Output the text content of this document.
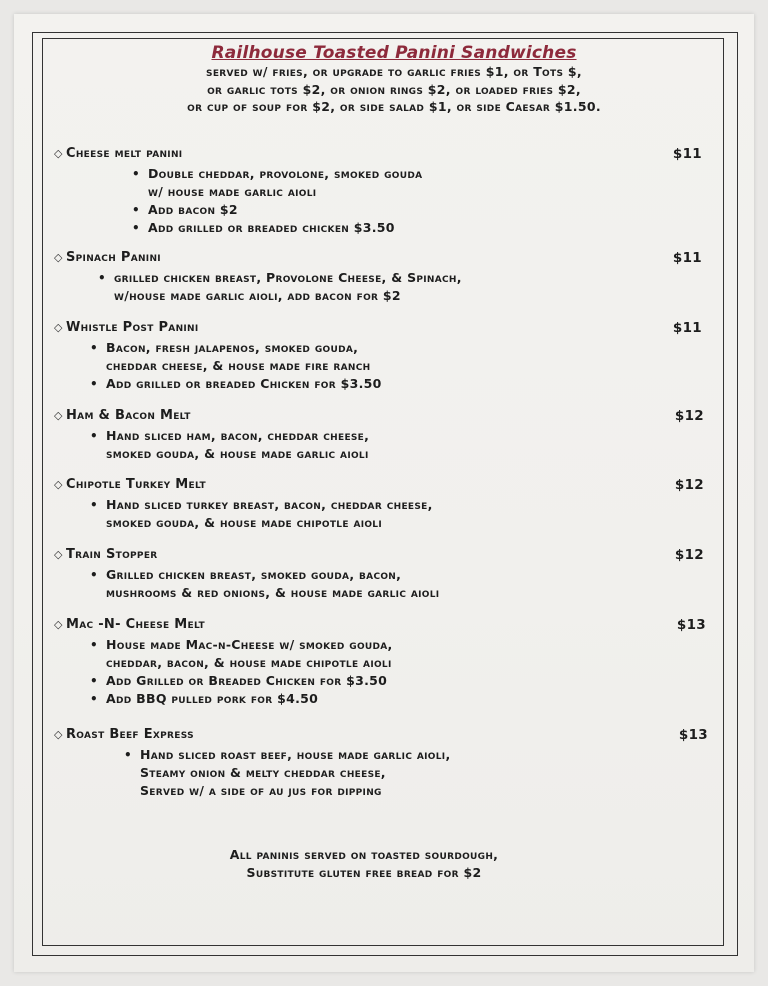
Railhouse Toasted Panini Sandwiches
served w/ fries, or upgrade to garlic fries $1, or Tots $,
or garlic tots $2, or onion rings $2, or loaded fries $2,
or cup of soup for $2, or side salad $1, or side Caesar $1.50.
◇ Cheese melt panini	$11
• Double cheddar, provolone, smoked gouda
w/ house made garlic aioli
• Add bacon $2
• Add grilled or breaded chicken $3.50
◇ Spinach Panini	$11
• grilled chicken breast, Provolone Cheese, & Spinach,
w/house made garlic aioli, add bacon for $2
◇ Whistle Post Panini	$11
• Bacon, fresh jalapenos, smoked gouda,
cheddar cheese, & house made fire ranch
• Add grilled or breaded Chicken for $3.50
◇ Ham & Bacon Melt	$12
• Hand sliced ham, bacon, cheddar cheese,
smoked gouda, & house made garlic aioli
◇ Chipotle Turkey Melt	$12
• Hand sliced turkey breast, bacon, cheddar cheese,
smoked gouda, & house made chipotle aioli
◇ Train Stopper	$12
• Grilled chicken breast, smoked gouda, bacon,
mushrooms & red onions, & house made garlic aioli
◇ Mac -N- Cheese Melt	$13
• House made Mac-n-Cheese w/ smoked gouda,
cheddar, bacon, & house made chipotle aioli
• Add Grilled or Breaded Chicken for $3.50
• Add BBQ pulled pork for $4.50
◇ Roast Beef Express	$13
• Hand sliced roast beef, house made garlic aioli,
Steamy onion & melty cheddar cheese,
Served w/ a side of au jus for dipping
All paninis served on toasted sourdough,
Substitute gluten free bread for $2
